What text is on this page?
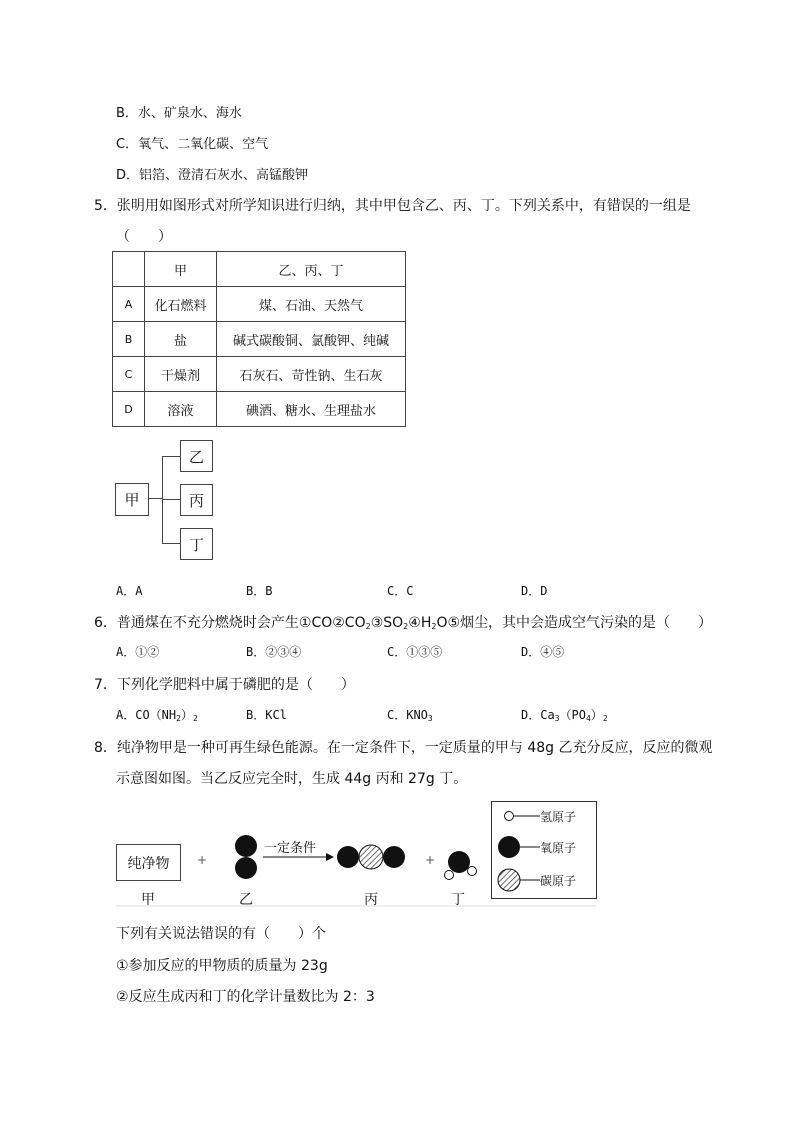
B．水、矿泉水、海水
C．氧气、二氧化碳、空气
D．铝箔、澄清石灰水、高锰酸钾
5．张明用如图形式对所学知识进行归纳，其中甲包含乙、丙、丁。下列关系中，有错误的一组是
（　　）
	甲	乙、丙、丁
A	化石燃料	煤、石油、天然气
B	盐	碱式碳酸铜、氯酸钾、纯碱
C	干燥剂	石灰石、苛性钠、生石灰
D	溶液	碘酒、糖水、生理盐水
甲
乙
丙
丁
A．A	B．B	C．C	D．D
6．普通煤在不充分燃烧时会产生$①CO②CO_2③SO_2④H_2O⑤$烟尘，其中会造成空气污染的是（　　）
A．①②	B．②③④	C．①③⑤	D．④⑤
7．下列化学肥料中属于磷肥的是（　　）
A．$CO(NH_2)_2$	B．KCl	C．$KNO_3$	D．$Ca_3(PO_4)_2$
8．纯净物甲是一种可再生绿色能源。在一定条件下，一定质量的甲与 48g 乙充分反应，反应的微观
示意图如图。当乙反应完全时，生成 44g 丙和 27g 丁。
纯净物	+	+
一定条件
氢原子
氧原子
碳原子
甲	乙	丙	丁
下列有关说法错误的有（　　）个
①参加反应的甲物质的质量为 23g
②反应生成丙和丁的化学计量数比为 2：3
